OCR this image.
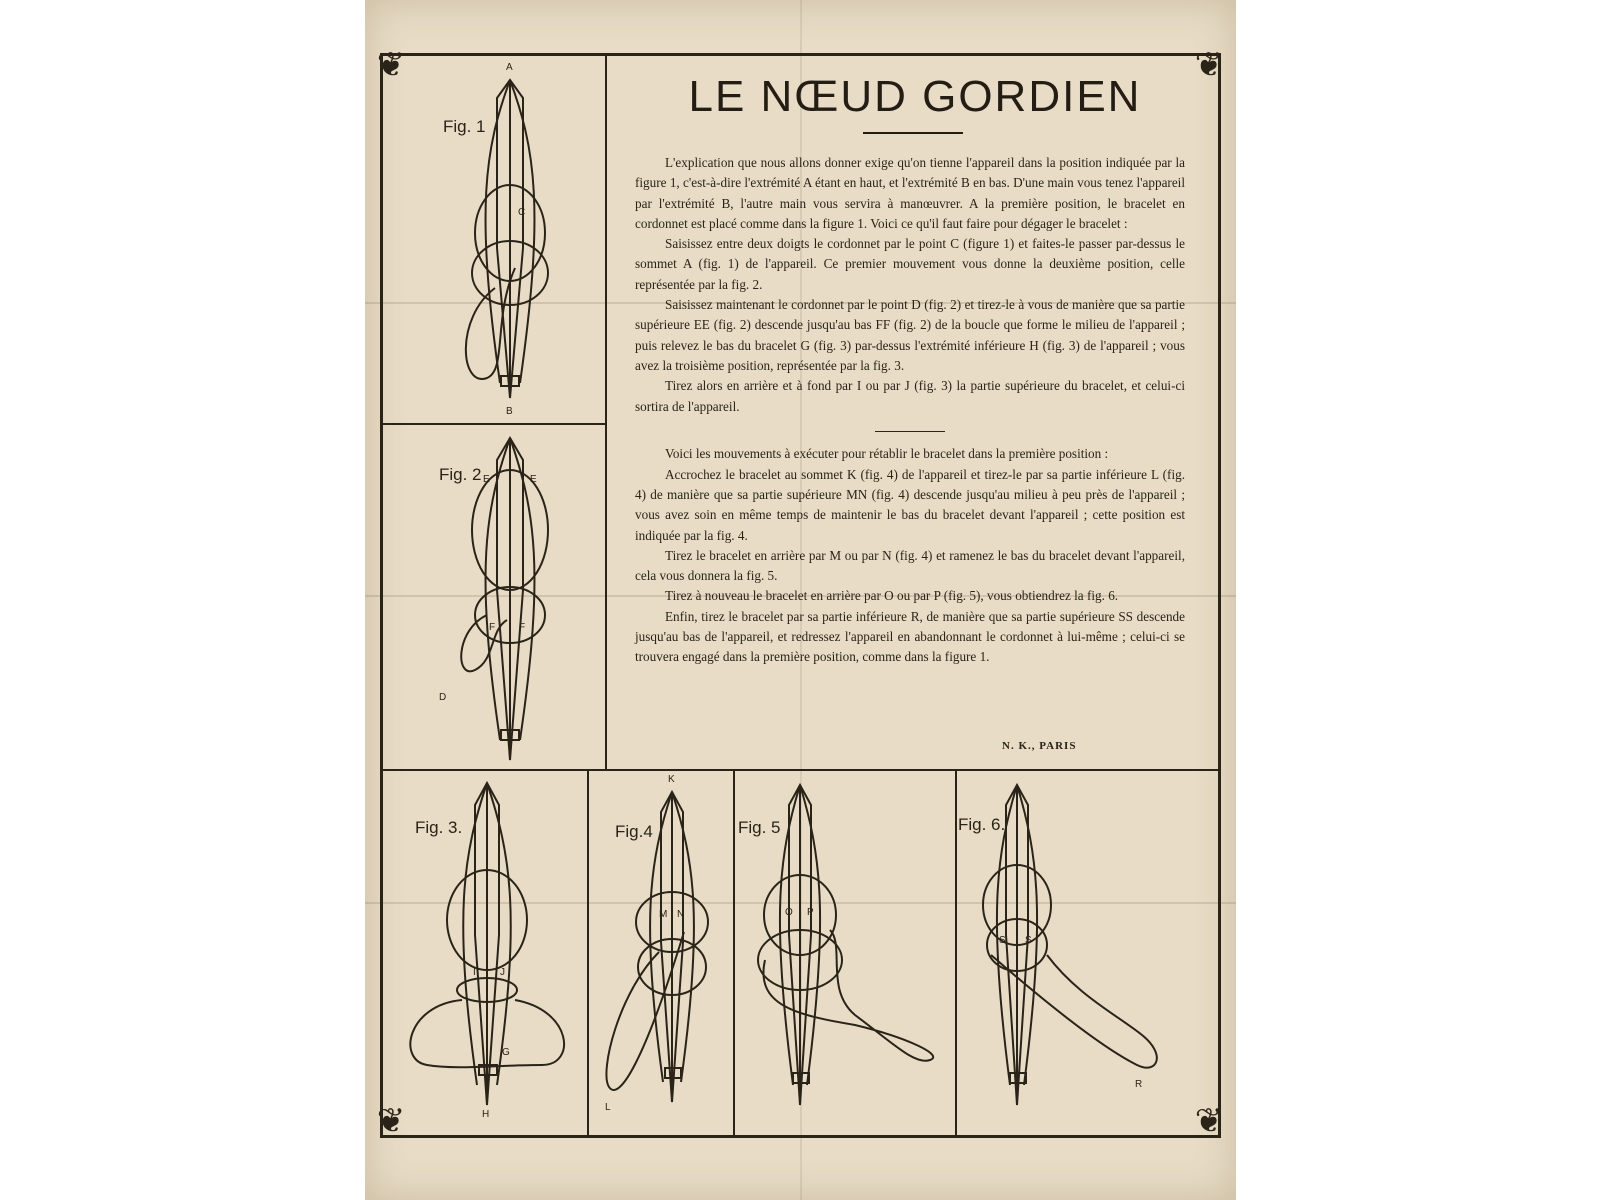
❦	❦
❦	❦
LE NŒUD GORDIEN

L'explication que nous allons donner exige qu'on tienne l'appareil dans la position indiquée par la figure 1, c'est-à-dire l'extrémité A étant en haut, et l'extrémité B en bas. D'une main vous tenez l'appareil par l'extrémité B, l'autre main vous servira à manœuvrer. A la première position, le bracelet en cordonnet est placé comme dans la figure 1. Voici ce qu'il faut faire pour dégager le bracelet :

Saisissez entre deux doigts le cordonnet par le point C (figure 1) et faites-le passer par-dessus le sommet A (fig. 1) de l'appareil. Ce premier mouvement vous donne la deuxième position, celle représentée par la fig. 2.

Saisissez maintenant le cordonnet par le point D (fig. 2) et tirez-le à vous de manière que sa partie supérieure EE (fig. 2) descende jusqu'au bas FF (fig. 2) de la boucle que forme le milieu de l'appareil ; puis relevez le bas du bracelet G (fig. 3) par-dessus l'extrémité inférieure H (fig. 3) de l'appareil ; vous avez la troisième position, représentée par la fig. 3.

Tirez alors en arrière et à fond par I ou par J (fig. 3) la partie supérieure du bracelet, et celui-ci sortira de l'appareil.

Voici les mouvements à exécuter pour rétablir le bracelet dans la première position :

Accrochez le bracelet au sommet K (fig. 4) de l'appareil et tirez-le par sa partie inférieure L (fig. 4) de manière que sa partie supérieure MN (fig. 4) descende jusqu'au milieu à peu près de l'appareil ; vous avez soin en même temps de maintenir le bas du bracelet devant l'appareil ; cette position est indiquée par la fig. 4.

Tirez le bracelet en arrière par M ou par N (fig. 4) et ramenez le bas du bracelet devant l'appareil, cela vous donnera la fig. 5.

Tirez à nouveau le bracelet en arrière par O ou par P (fig. 5), vous obtiendrez la fig. 6.

Enfin, tirez le bracelet par sa partie inférieure R, de manière que sa partie supérieure SS descende jusqu'au bas de l'appareil, et redressez l'appareil en abandonnant le cordonnet à lui-même ; celui-ci se trouvera engagé dans la première position, comme dans la figure 1.

N. K., PARIS
Fig. 1
Fig. 2
Fig. 3.	Fig.4	Fig. 5	Fig. 6.
A
B
C
E	E
F F
D
I J
G
H
K
M N
L
O P
S S
R
